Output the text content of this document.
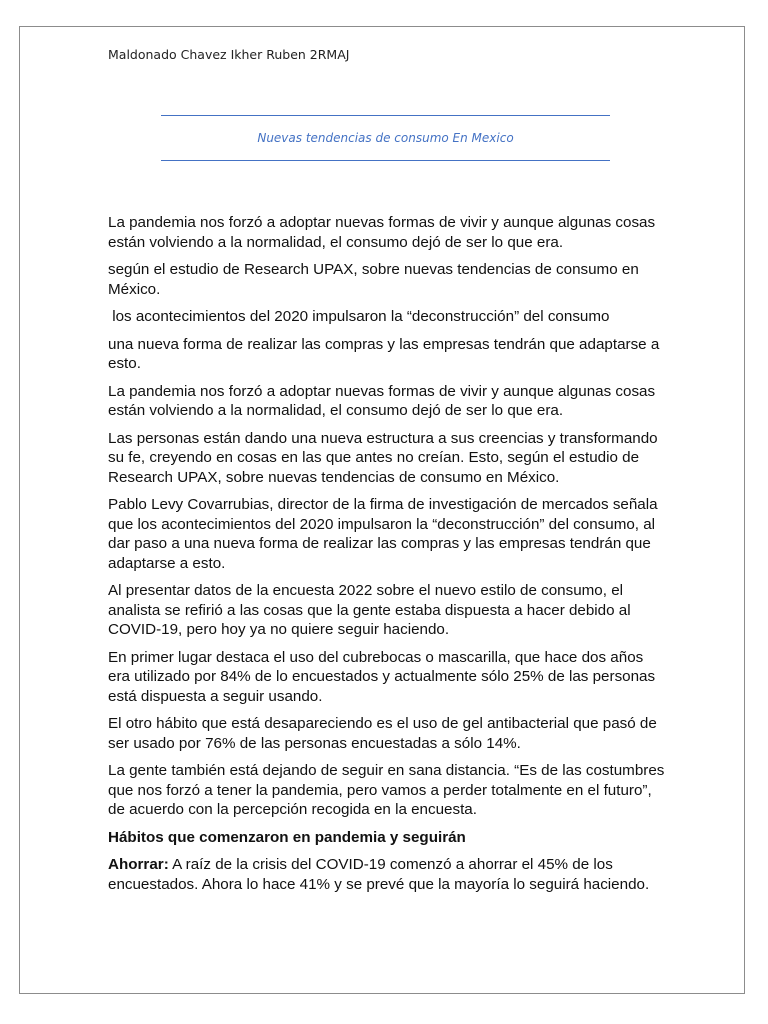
Maldonado Chavez Ikher Ruben 2RMAJ
Nuevas tendencias de consumo En Mexico

La pandemia nos forzó a adoptar nuevas formas de vivir y aunque algunas cosas están volviendo a la normalidad, el consumo dejó de ser lo que era.

según el estudio de Research UPAX, sobre nuevas tendencias de consumo en México.

los acontecimientos del 2020 impulsaron la “deconstrucción” del consumo

una nueva forma de realizar las compras y las empresas tendrán que adaptarse a esto.

La pandemia nos forzó a adoptar nuevas formas de vivir y aunque algunas cosas están volviendo a la normalidad, el consumo dejó de ser lo que era.

Las personas están dando una nueva estructura a sus creencias y transformando su fe, creyendo en cosas en las que antes no creían. Esto, según el estudio de Research UPAX, sobre nuevas tendencias de consumo en México.

Pablo Levy Covarrubias, director de la firma de investigación de mercados señala que los acontecimientos del 2020 impulsaron la “deconstrucción” del consumo, al dar paso a una nueva forma de realizar las compras y las empresas tendrán que adaptarse a esto.

Al presentar datos de la encuesta 2022 sobre el nuevo estilo de consumo, el analista se refirió a las cosas que la gente estaba dispuesta a hacer debido al COVID-19, pero hoy ya no quiere seguir haciendo.

En primer lugar destaca el uso del cubrebocas o mascarilla, que hace dos años era utilizado por 84% de lo encuestados y actualmente sólo 25% de las personas está dispuesta a seguir usando.

El otro hábito que está desapareciendo es el uso de gel antibacterial que pasó de ser usado por 76% de las personas encuestadas a sólo 14%.

La gente también está dejando de seguir en sana distancia. “Es de las costumbres que nos forzó a tener la pandemia, pero vamos a perder totalmente en el futuro”, de acuerdo con la percepción recogida en la encuesta.

Hábitos que comenzaron en pandemia y seguirán

Ahorrar: A raíz de la crisis del COVID-19 comenzó a ahorrar el 45% de los encuestados. Ahora lo hace 41% y se prevé que la mayoría lo seguirá haciendo.
